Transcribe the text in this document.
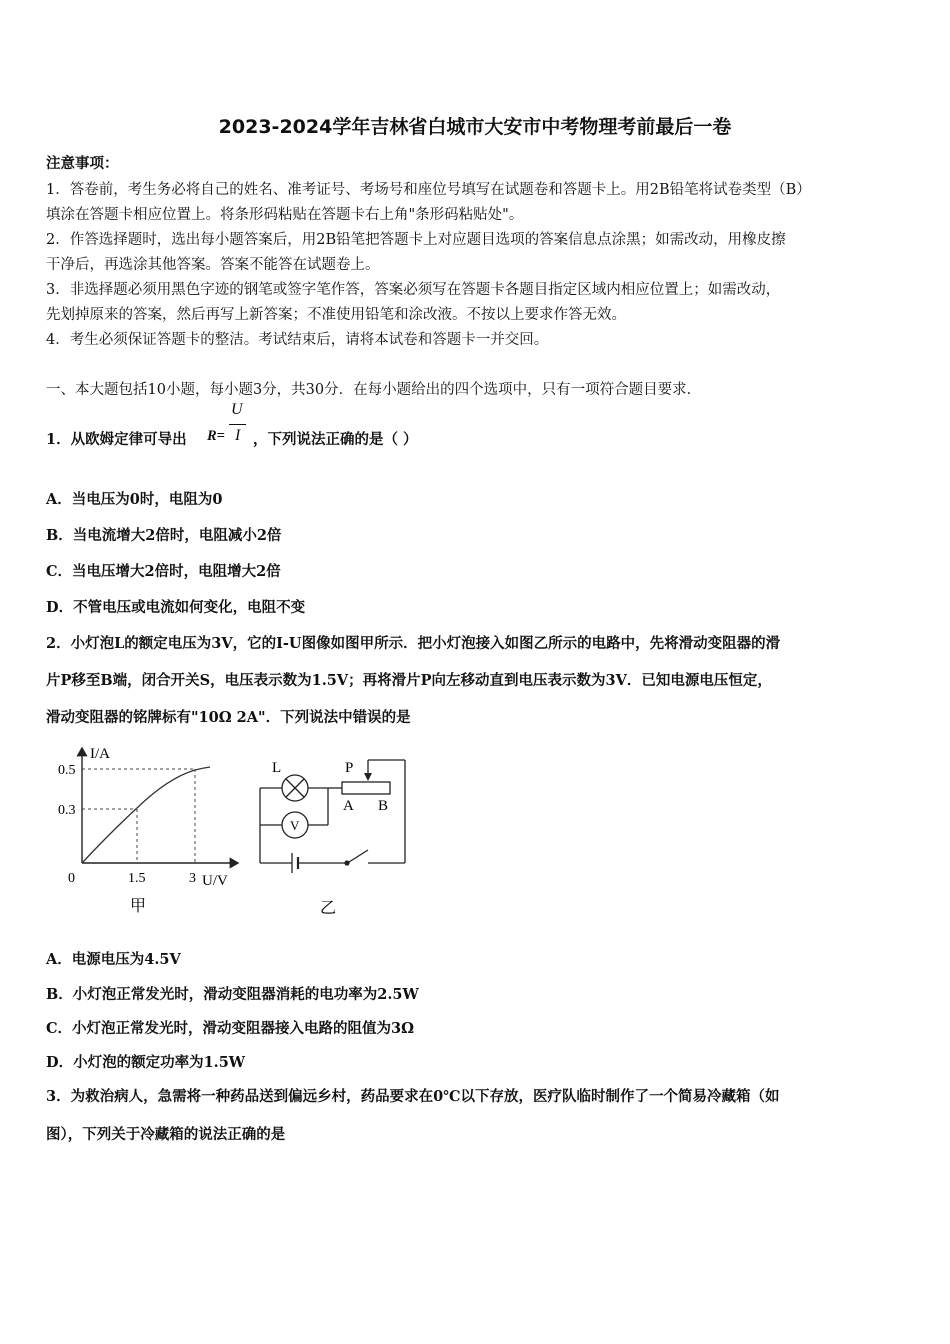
2023-2024学年吉林省白城市大安市中考物理考前最后一卷
注意事项：
1．答卷前，考生务必将自己的姓名、准考证号、考场号和座位号填写在试题卷和答题卡上。用2B铅笔将试卷类型（B）
填涂在答题卡相应位置上。将条形码粘贴在答题卡右上角"条形码粘贴处"。
2．作答选择题时，选出每小题答案后，用2B铅笔把答题卡上对应题目选项的答案信息点涂黑；如需改动，用橡皮擦
干净后，再选涂其他答案。答案不能答在试题卷上。
3．非选择题必须用黑色字迹的钢笔或签字笔作答，答案必须写在答题卡各题目指定区域内相应位置上；如需改动，
先划掉原来的答案，然后再写上新答案；不准使用铅笔和涂改液。不按以上要求作答无效。
4．考生必须保证答题卡的整洁。考试结束后，请将本试卷和答题卡一并交回。
一、本大题包括10小题，每小题3分，共30分．在每小题给出的四个选项中，只有一项符合题目要求．
1．从欧姆定律可导出 R=
U
I ，下列说法正确的是（ ）
A．当电压为0时，电阻为0
B．当电流增大2倍时，电阻减小2倍
C．当电压增大2倍时，电阻增大2倍
D．不管电压或电流如何变化，电阻不变
2．小灯泡L的额定电压为3V，它的I-U图像如图甲所示．把小灯泡接入如图乙所示的电路中，先将滑动变阻器的滑
片P移至B端，闭合开关S，电压表示数为1.5V；再将滑片P向左移动直到电压表示数为3V．已知电源电压恒定，
滑动变阻器的铭牌标有"10Ω 2A"．下列说法中错误的是
I/A
0.5
0.3
0	1.5	3 U/V
甲
L
V
P
A B
乙
A．电源电压为4.5V
B．小灯泡正常发光时，滑动变阻器消耗的电功率为2.5W
C．小灯泡正常发光时，滑动变阻器接入电路的阻值为3Ω
D．小灯泡的额定功率为1.5W
3．为救治病人，急需将一种药品送到偏远乡村，药品要求在0℃以下存放，医疗队临时制作了一个简易冷藏箱（如
图），下列关于冷藏箱的说法正确的是
